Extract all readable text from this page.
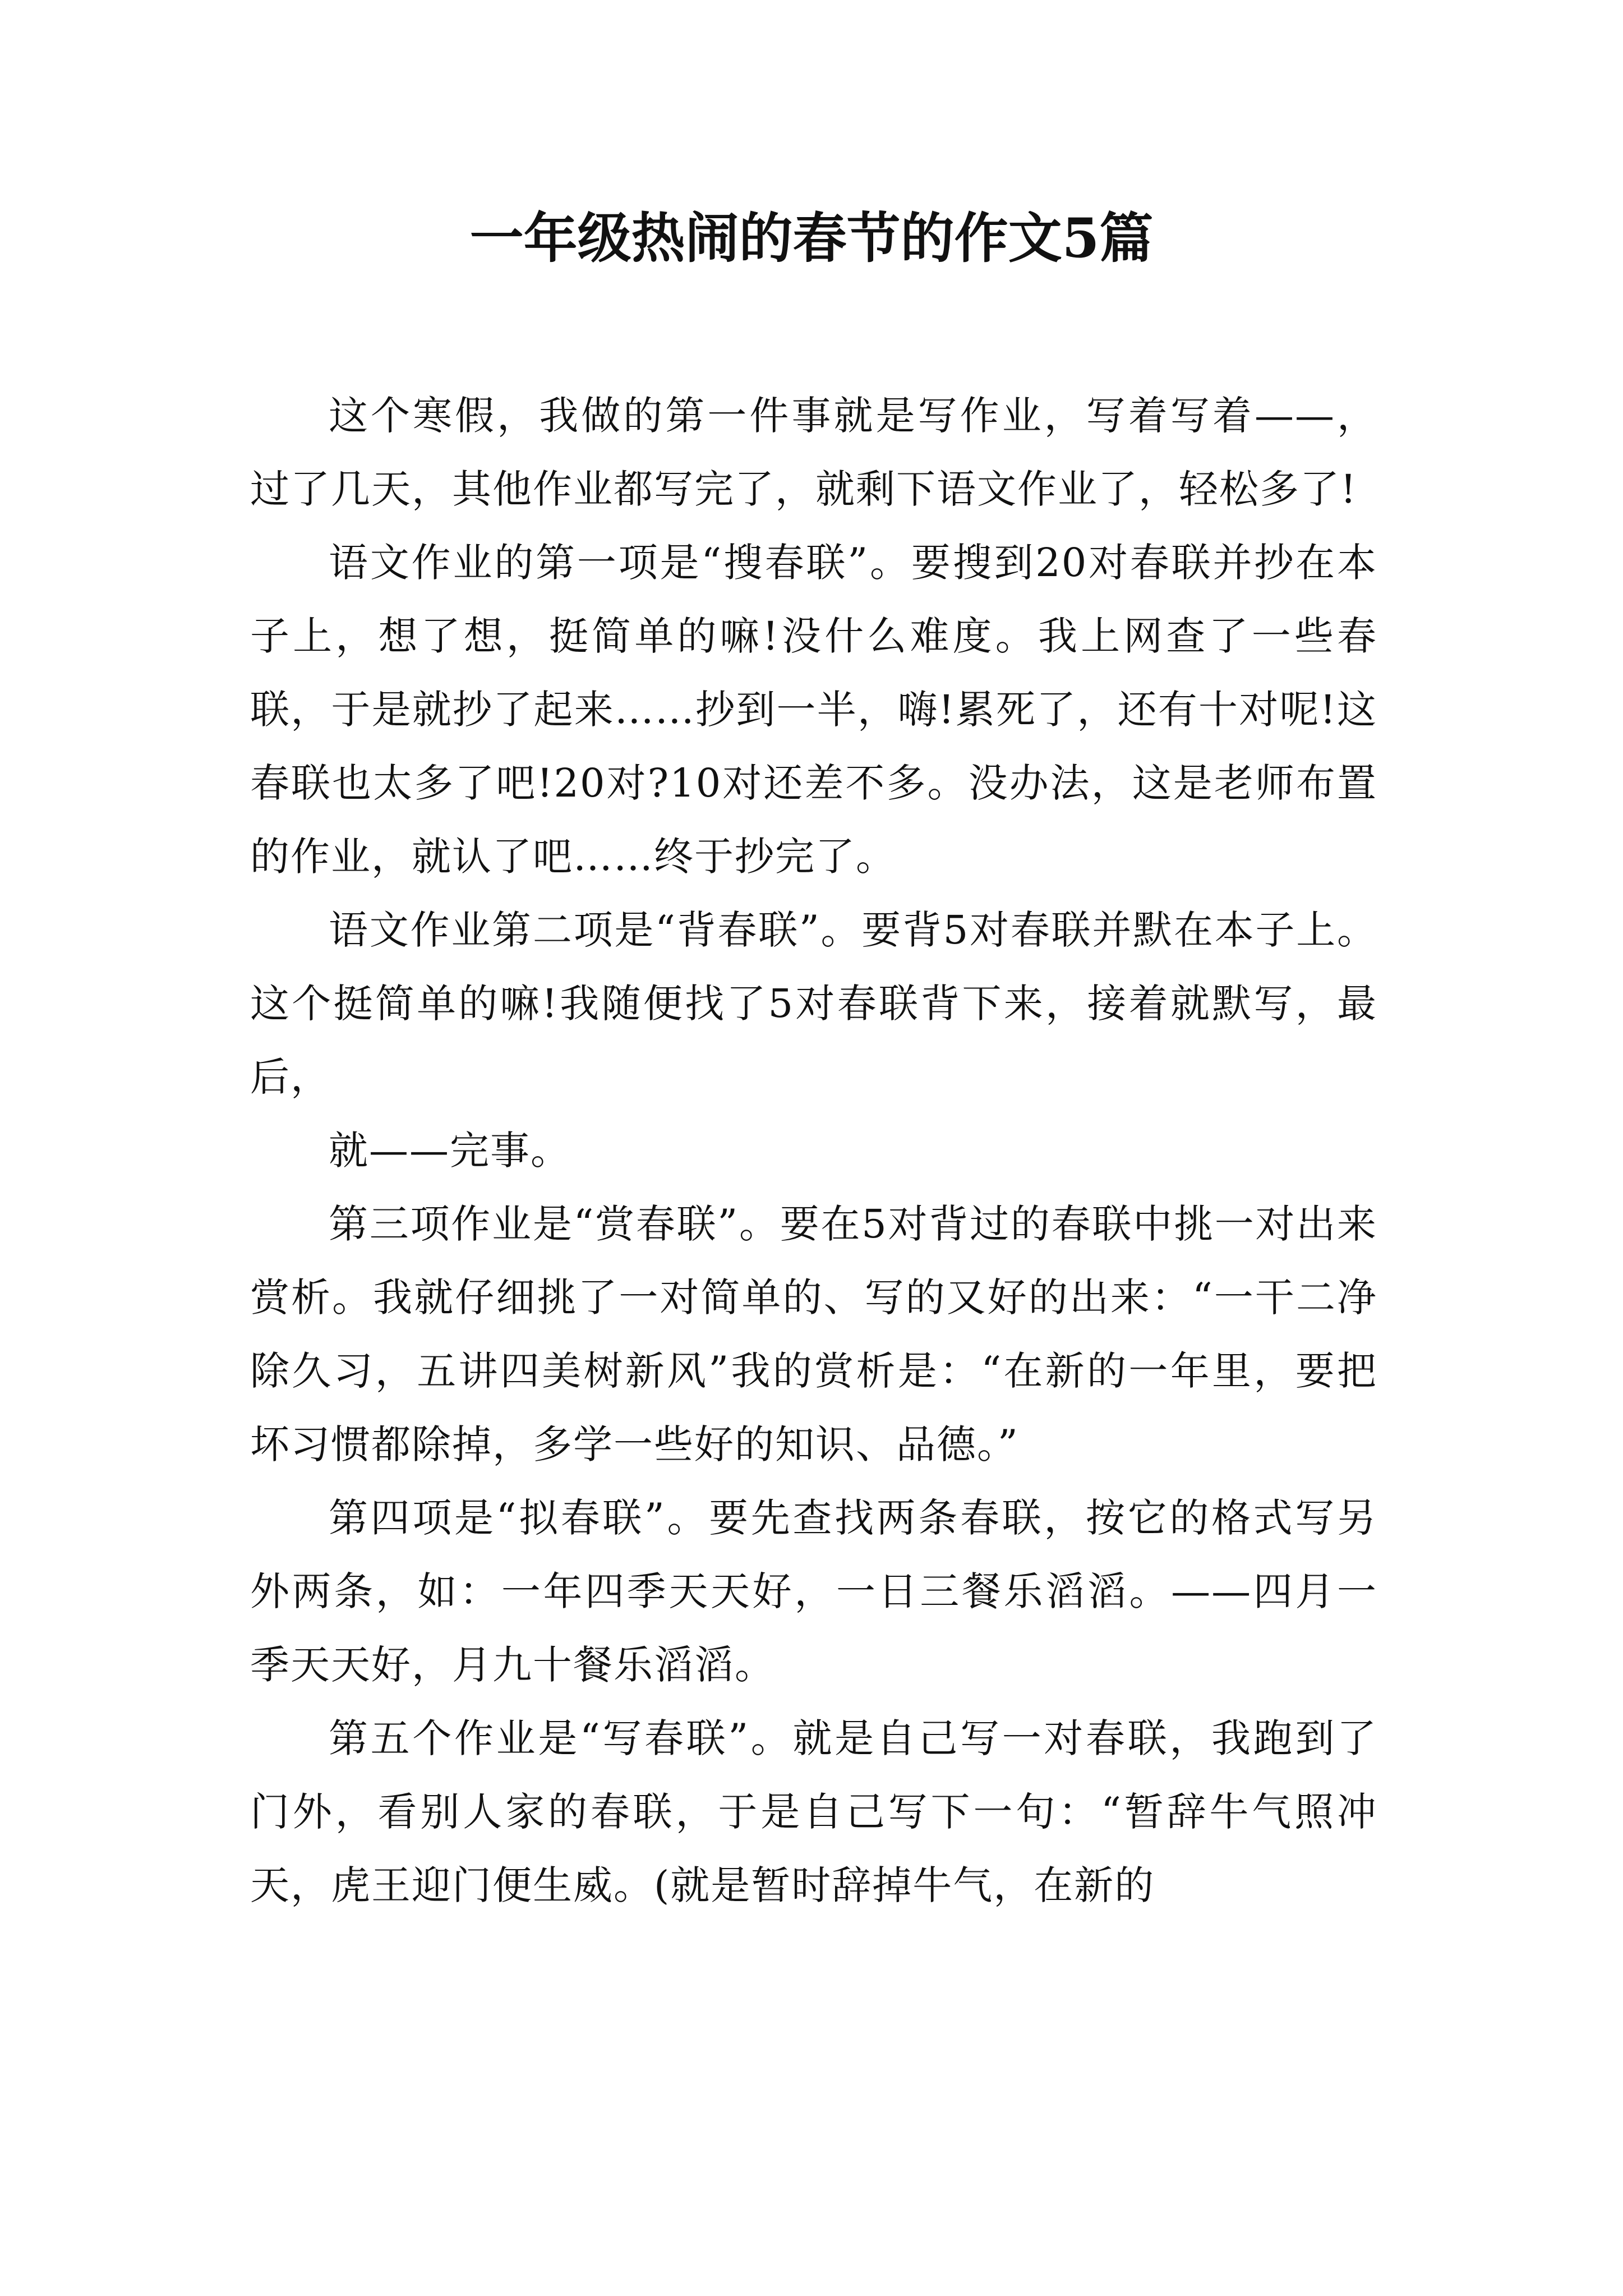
一年级热闹的春节的作文5篇

这个寒假，我做的第一件事就是写作业，写着写着——，过了几天，其他作业都写完了，就剩下语文作业了，轻松多了!

语文作业的第一项是“搜春联”。要搜到20对春联并抄在本子上，想了想，挺简单的嘛!没什么难度。我上网查了一些春联，于是就抄了起来……抄到一半，嗨!累死了，还有十对呢!这春联也太多了吧!20对?10对还差不多。没办法，这是老师布置的作业，就认了吧……终于抄完了。

语文作业第二项是“背春联”。要背5对春联并默在本子上。这个挺简单的嘛!我随便找了5对春联背下来，接着就默写，最后，

就——完事。

第三项作业是“赏春联”。要在5对背过的春联中挑一对出来赏析。我就仔细挑了一对简单的、写的又好的出来：“一干二净除久习，五讲四美树新风”我的赏析是：“在新的一年里，要把坏习惯都除掉，多学一些好的知识、品德。”

第四项是“拟春联”。要先查找两条春联，按它的格式写另外两条，如：一年四季天天好，一日三餐乐滔滔。——四月一季天天好，月九十餐乐滔滔。

第五个作业是“写春联”。就是自己写一对春联，我跑到了门外，看别人家的春联，于是自己写下一句：“暂辞牛气照冲天，虎王迎门便生威。(就是暂时辞掉牛气，在新的
